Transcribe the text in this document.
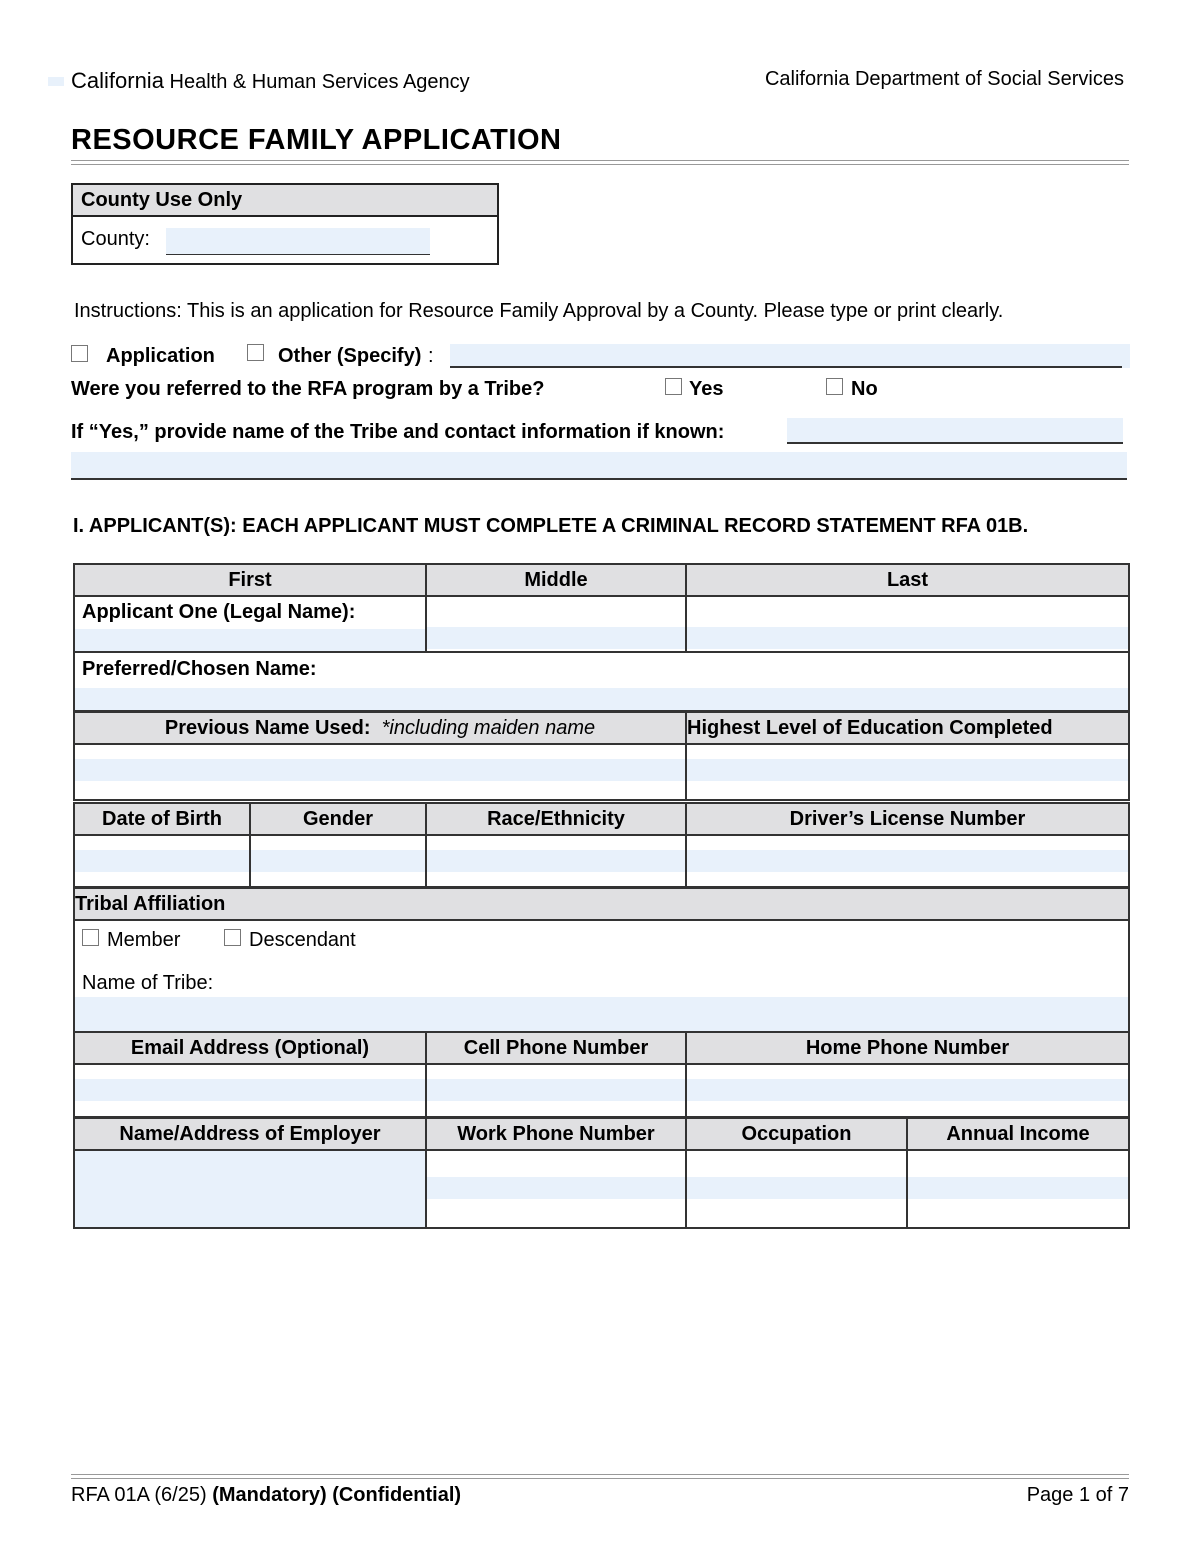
California Health & Human Services Agency	California Department of Social Services
RESOURCE FAMILY APPLICATION
County Use Only
County:
Instructions: This is an application for Resource Family Approval by a County. Please type or print clearly.
Application	Other (Specify) :
Were you referred to the RFA program by a Tribe?	Yes	No
If “Yes,” provide name of the Tribe and contact information if known:
I. APPLICANT(S): EACH APPLICANT MUST COMPLETE A CRIMINAL RECORD STATEMENT RFA 01B.
First	Middle	Last

Applicant One (Legal Name):		

Preferred/Chosen Name:		
Previous Name Used: *including maiden name	Highest Level of Education Completed

Date of Birth	Gender	Race/Ethnicity	Driver’s License Number

Tribal Affiliation

Member	Descendant
Name of Tribe:
Email Address (Optional)	Cell Phone Number	Home Phone Number

Name/Address of Employer	Work Phone Number	Occupation	Annual Income

RFA 01A (6/25) (Mandatory) (Confidential)	Page 1 of 7
